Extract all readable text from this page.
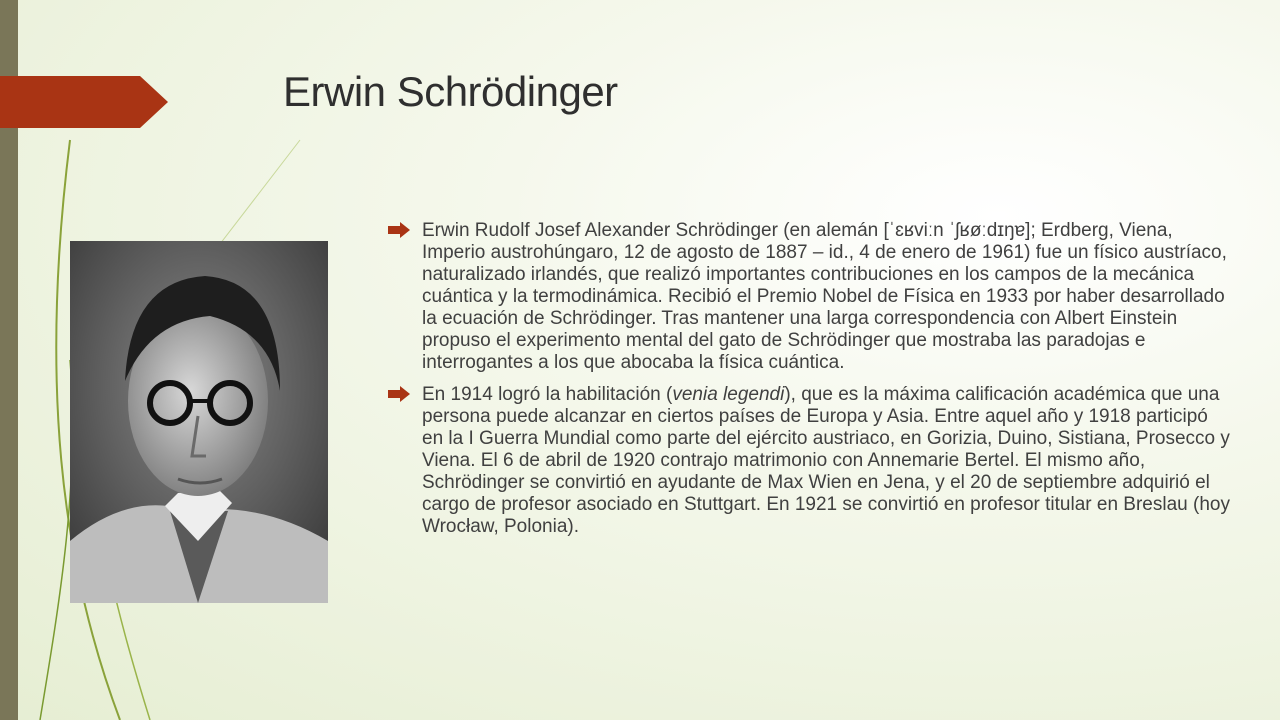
Erwin Schrödinger
Erwin Rudolf Josef Alexander Schrödinger (en alemán [ˈɛʁviːn ˈʃʁøːdɪŋɐ]; Erdberg, Viena, Imperio austrohúngaro, 12 de agosto de 1887 – id., 4 de enero de 1961) fue un físico austríaco, naturalizado irlandés, que realizó importantes contribuciones en los campos de la mecánica cuántica y la termodinámica. Recibió el Premio Nobel de Física en 1933 por haber desarrollado la ecuación de Schrödinger. Tras mantener una larga correspondencia con Albert Einstein propuso el experimento mental del gato de Schrödinger que mostraba las paradojas e interrogantes a los que abocaba la física cuántica.
En 1914 logró la habilitación (venia legendi), que es la máxima calificación académica que una persona puede alcanzar en ciertos países de Europa y Asia. Entre aquel año y 1918 participó en la I Guerra Mundial como parte del ejército austriaco, en Gorizia, Duino, Sistiana, Prosecco y Viena. El 6 de abril de 1920 contrajo matrimonio con Annemarie Bertel. El mismo año, Schrödinger se convirtió en ayudante de Max Wien en Jena, y el 20 de septiembre adquirió el cargo de profesor asociado en Stuttgart. En 1921 se convirtió en profesor titular en Breslau (hoy Wrocław, Polonia).
